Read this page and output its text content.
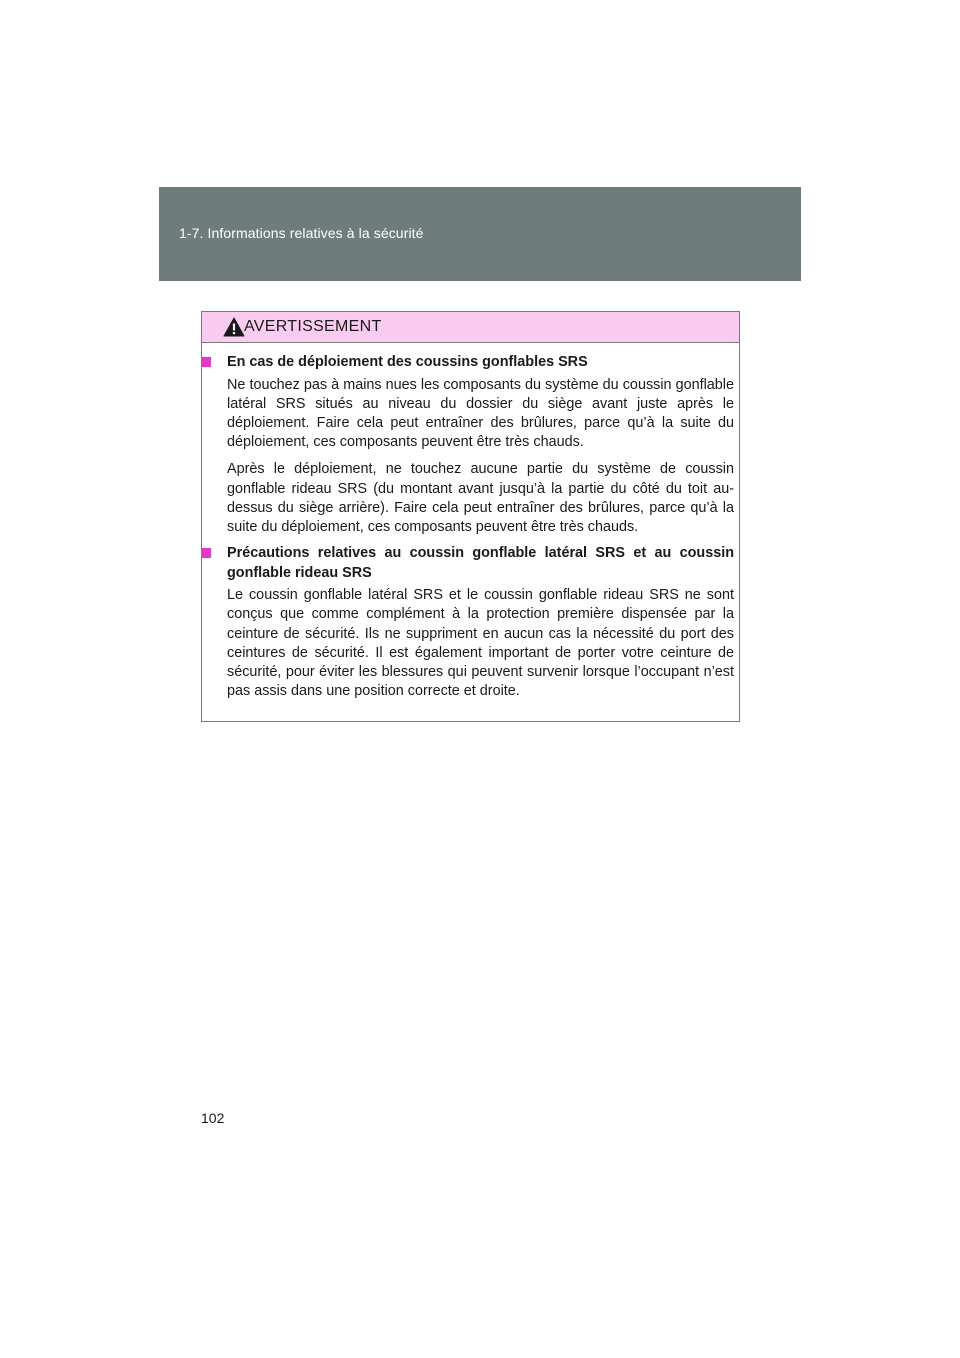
1-7. Informations relatives à la sécurité
AVERTISSEMENT

En cas de déploiement des coussins gonflables SRS

Ne touchez pas à mains nues les composants du système du coussin gonflable latéral SRS situés au niveau du dossier du siège avant juste après le déploiement. Faire cela peut entraîner des brûlures, parce qu’à la suite du déploiement, ces composants peuvent être très chauds.

Après le déploiement, ne touchez aucune partie du système de coussin gonflable rideau SRS (du montant avant jusqu’à la partie du côté du toit au-dessus du siège arrière). Faire cela peut entraîner des brûlures, parce qu’à la suite du déploiement, ces composants peuvent être très chauds.

Précautions relatives au coussin gonflable latéral SRS et au coussin gonflable rideau SRS

Le coussin gonflable latéral SRS et le coussin gonflable rideau SRS ne sont conçus que comme complément à la protection première dispensée par la ceinture de sécurité. Ils ne suppriment en aucun cas la nécessité du port des ceintures de sécurité. Il est également important de porter votre ceinture de sécurité, pour éviter les blessures qui peuvent survenir lorsque l’occupant n’est pas assis dans une position correcte et droite.

102
